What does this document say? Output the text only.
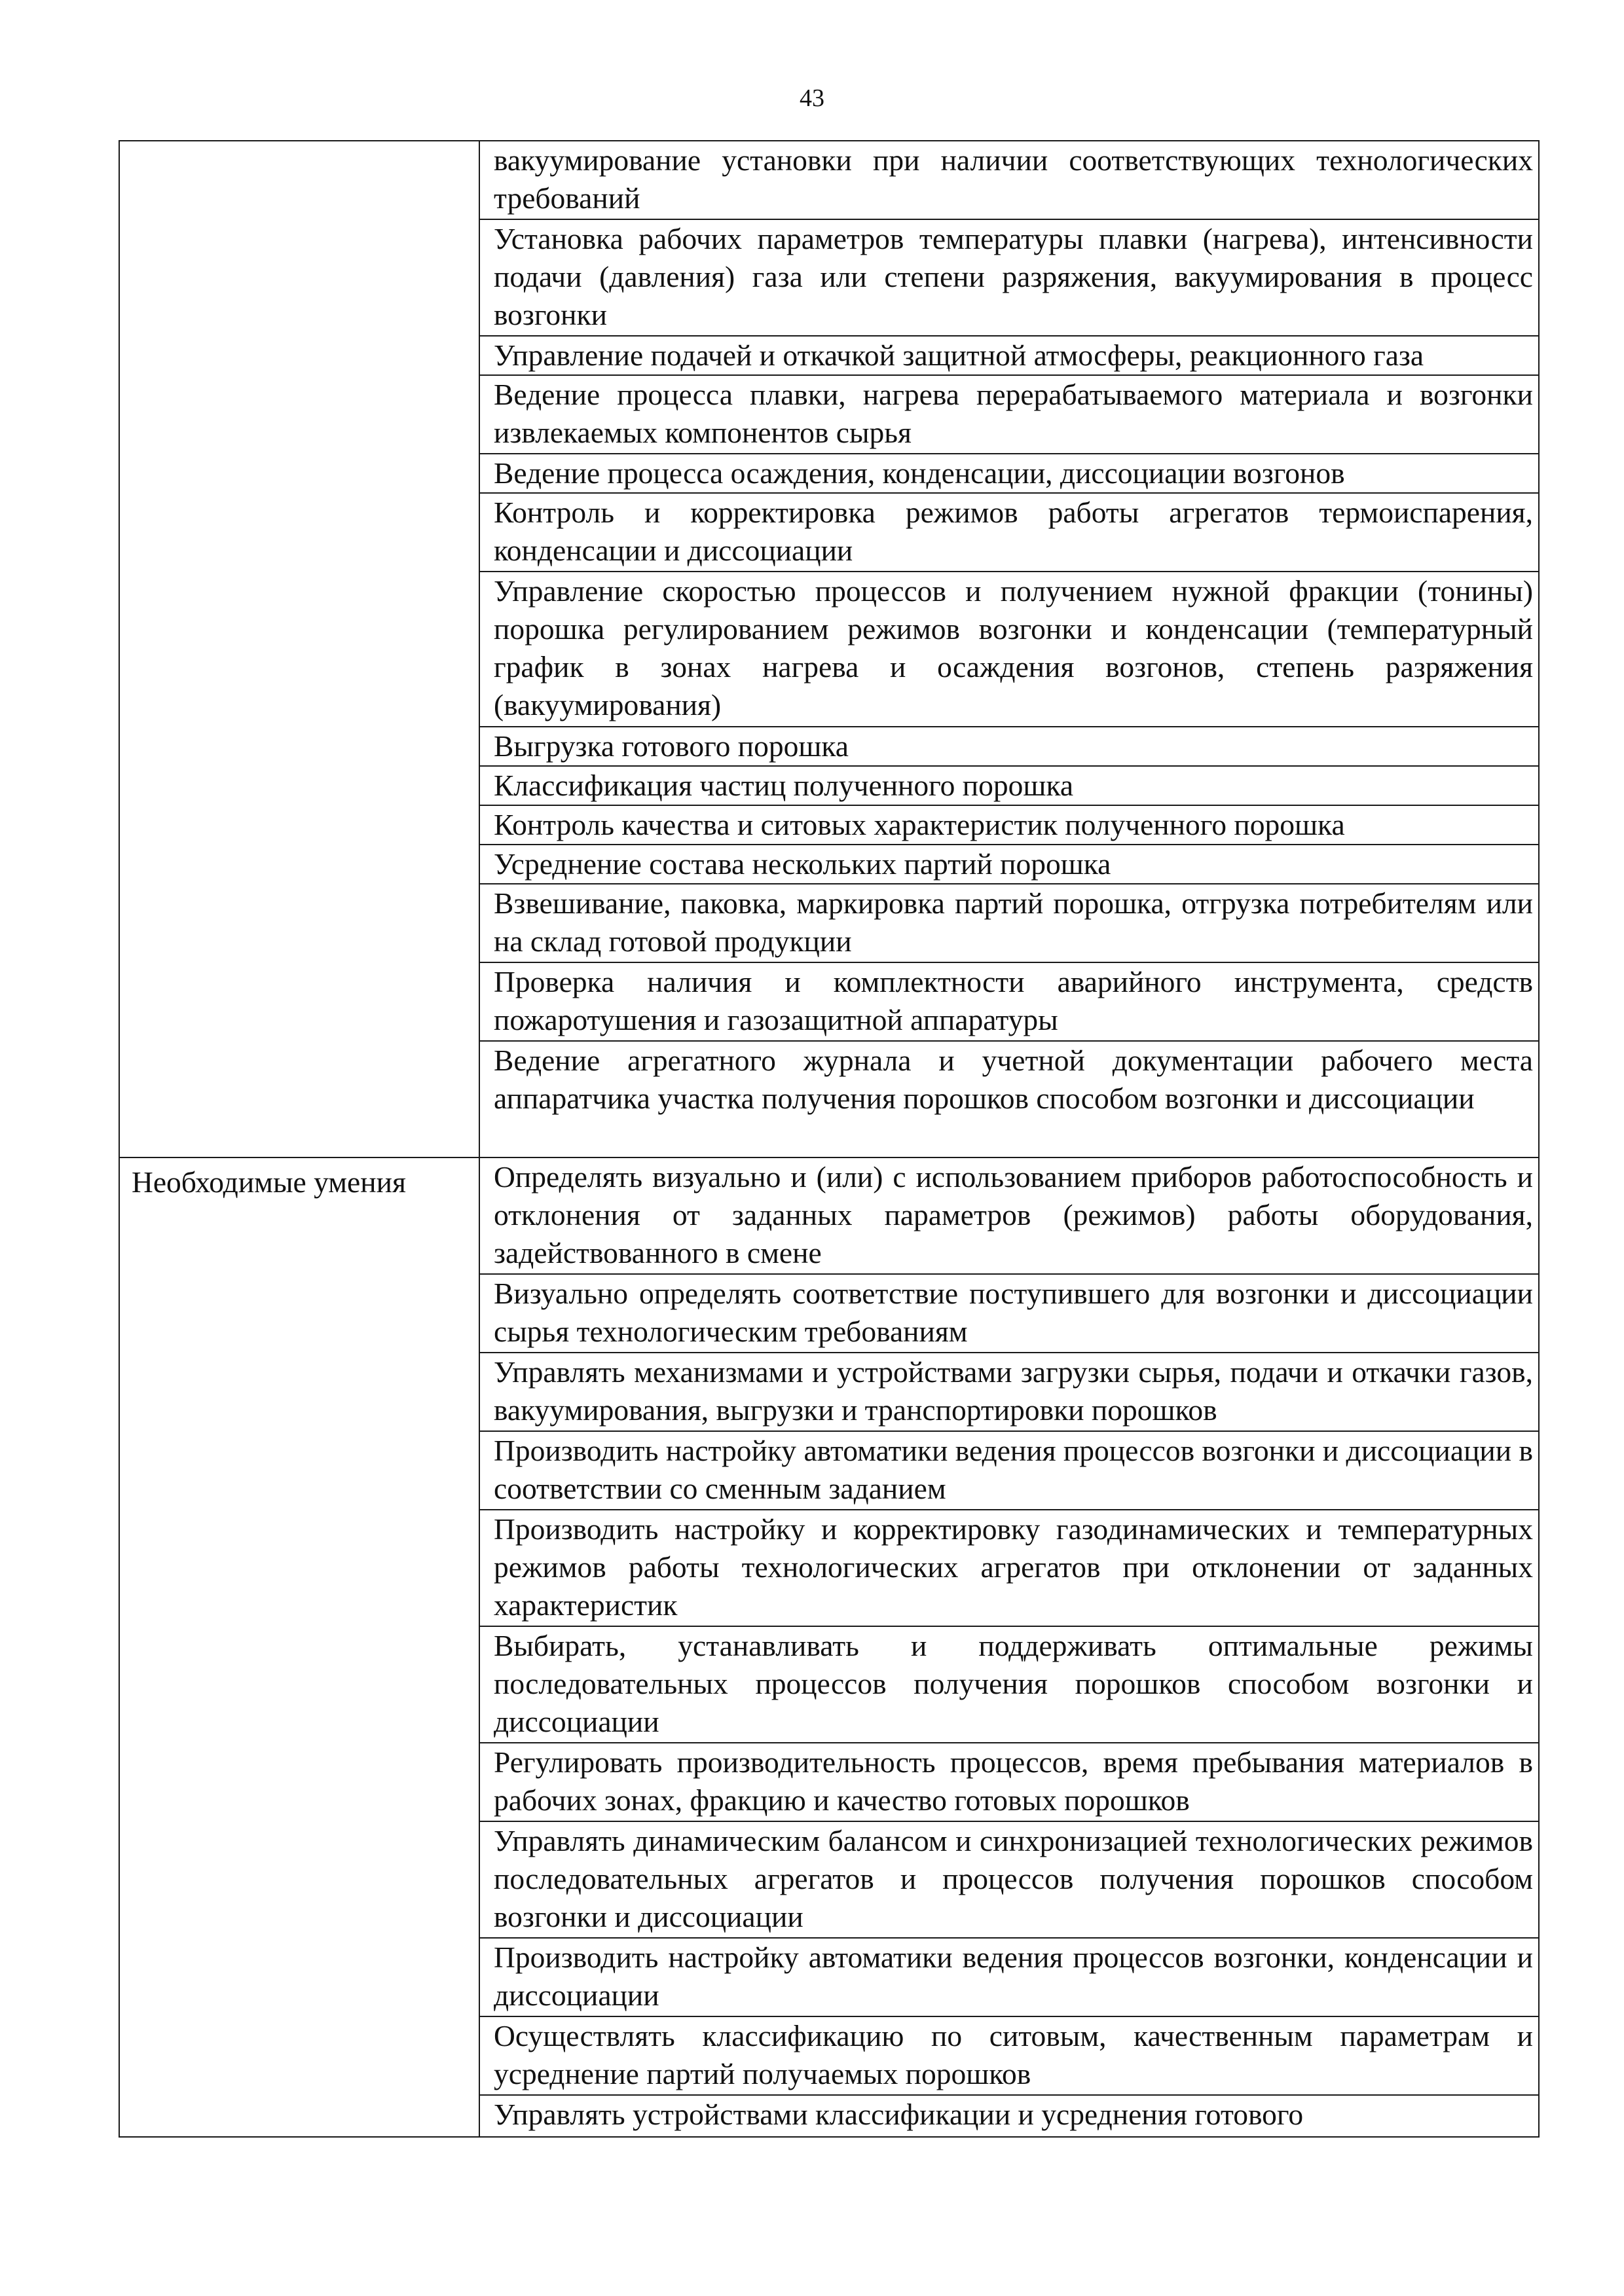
43
	вакуумирование установки при наличии соответствующих технологических требований
	Установка рабочих параметров температуры плавки (нагрева), интенсивности подачи (давления) газа или степени разряжения, вакуумирования в процесс возгонки
	Управление подачей и откачкой защитной атмосферы, реакционного газа
	Ведение процесса плавки, нагрева перерабатываемого материала и возгонки извлекаемых компонентов сырья
	Ведение процесса осаждения, конденсации, диссоциации возгонов
	Контроль и корректировка режимов работы агрегатов термоиспарения, конденсации и диссоциации
	Управление скоростью процессов и получением нужной фракции (тонины) порошка регулированием режимов возгонки и конденсации (температурный график в зонах нагрева и осаждения возгонов, степень разряжения (вакуумирования)
	Выгрузка готового порошка
	Классификация частиц полученного порошка
	Контроль качества и ситовых характеристик полученного порошка
	Усреднение состава нескольких партий порошка
	Взвешивание, паковка, маркировка партий порошка, отгрузка потребителям или на склад готовой продукции
	Проверка наличия и комплектности аварийного инструмента, средств пожаротушения и газозащитной аппаратуры
	Ведение агрегатного журнала и учетной документации рабочего места аппаратчика участка получения порошков способом возгонки и диссоциации
Необходимые умения	Определять визуально и (или) с использованием приборов работоспособность и отклонения от заданных параметров (режимов) работы оборудования, задействованного в смене
	Визуально определять соответствие поступившего для возгонки и диссоциации сырья технологическим требованиям
	Управлять механизмами и устройствами загрузки сырья, подачи и откачки газов, вакуумирования, выгрузки и транспортировки порошков
	Производить настройку автоматики ведения процессов возгонки и диссоциации в соответствии со сменным заданием
	Производить настройку и корректировку газодинамических и температурных режимов работы технологических агрегатов при отклонении от заданных характеристик
	Выбирать, устанавливать и поддерживать оптимальные режимы последовательных процессов получения порошков способом возгонки и диссоциации
	Регулировать производительность процессов, время пребывания материалов в рабочих зонах, фракцию и качество готовых порошков
	Управлять динамическим балансом и синхронизацией технологических режимов последовательных агрегатов и процессов получения порошков способом возгонки и диссоциации
	Производить настройку автоматики ведения процессов возгонки, конденсации и диссоциации
	Осуществлять классификацию по ситовым, качественным параметрам и усреднение партий получаемых порошков
	Управлять устройствами классификации и усреднения готового
